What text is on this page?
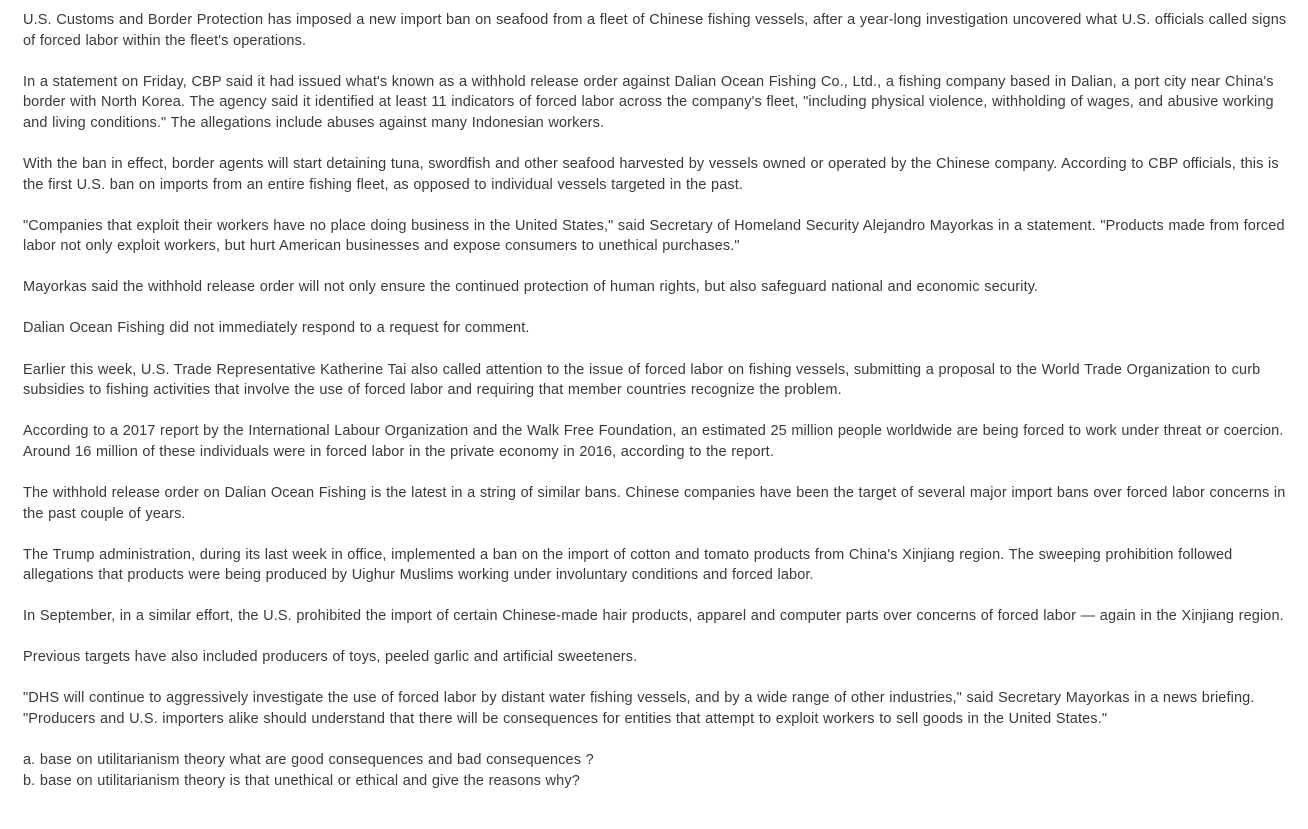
U.S. Customs and Border Protection has imposed a new import ban on seafood from a fleet of Chinese fishing vessels, after a year-long investigation uncovered what U.S. officials called signs of forced labor within the fleet's operations.

In a statement on Friday, CBP said it had issued what's known as a withhold release order against Dalian Ocean Fishing Co., Ltd., a fishing company based in Dalian, a port city near China's border with North Korea. The agency said it identified at least 11 indicators of forced labor across the company's fleet, "including physical violence, withholding of wages, and abusive working and living conditions." The allegations include abuses against many Indonesian workers.

With the ban in effect, border agents will start detaining tuna, swordfish and other seafood harvested by vessels owned or operated by the Chinese company. According to CBP officials, this is the first U.S. ban on imports from an entire fishing fleet, as opposed to individual vessels targeted in the past.

"Companies that exploit their workers have no place doing business in the United States," said Secretary of Homeland Security Alejandro Mayorkas in a statement. "Products made from forced labor not only exploit workers, but hurt American businesses and expose consumers to unethical purchases."

Mayorkas said the withhold release order will not only ensure the continued protection of human rights, but also safeguard national and economic security.

Dalian Ocean Fishing did not immediately respond to a request for comment.

Earlier this week, U.S. Trade Representative Katherine Tai also called attention to the issue of forced labor on fishing vessels, submitting a proposal to the World Trade Organization to curb subsidies to fishing activities that involve the use of forced labor and requiring that member countries recognize the problem.

According to a 2017 report by the International Labour Organization and the Walk Free Foundation, an estimated 25 million people worldwide are being forced to work under threat or coercion. Around 16 million of these individuals were in forced labor in the private economy in 2016, according to the report.

The withhold release order on Dalian Ocean Fishing is the latest in a string of similar bans. Chinese companies have been the target of several major import bans over forced labor concerns in the past couple of years.

The Trump administration, during its last week in office, implemented a ban on the import of cotton and tomato products from China's Xinjiang region. The sweeping prohibition followed allegations that products were being produced by Uighur Muslims working under involuntary conditions and forced labor.

In September, in a similar effort, the U.S. prohibited the import of certain Chinese-made hair products, apparel and computer parts over concerns of forced labor — again in the Xinjiang region.

Previous targets have also included producers of toys, peeled garlic and artificial sweeteners.

"DHS will continue to aggressively investigate the use of forced labor by distant water fishing vessels, and by a wide range of other industries," said Secretary Mayorkas in a news briefing. "Producers and U.S. importers alike should understand that there will be consequences for entities that attempt to exploit workers to sell goods in the United States."

a. base on utilitarianism theory what are good consequences and bad consequences ?
b. base on utilitarianism theory is that unethical or ethical and give the reasons why?
